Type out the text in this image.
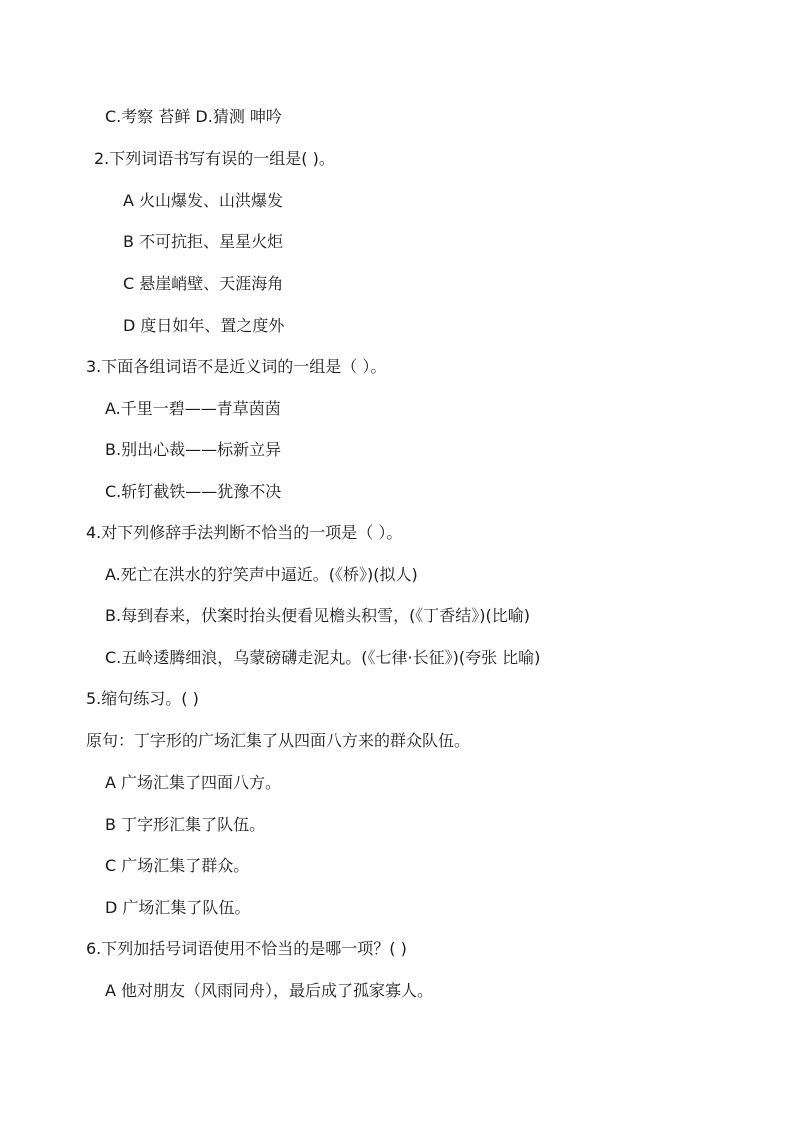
C.考察 苔鲜 D.猜测 呻吟
2.下列词语书写有误的一组是( )。
A 火山爆发、山洪爆发
B 不可抗拒、星星火炬
C 悬崖峭壁、天涯海角
D 度日如年、置之度外
3.下面各组词语不是近义词的一组是（ ）。
A.千里一碧——青草茵茵
B.别出心裁——标新立异
C.斩钉截铁——犹豫不决
4.对下列修辞手法判断不恰当的一项是（ ）。
A.死亡在洪水的狞笑声中逼近。(《桥》)(拟人)
B.每到春来，伏案时抬头便看见檐头积雪，(《丁香结》)(比喻)
C.五岭逶腾细浪，乌蒙磅礴走泥丸。(《七律·长征》)(夸张 比喻)
5.缩句练习。( )
原句：丁字形的广场汇集了从四面八方来的群众队伍。
A 广场汇集了四面八方。
B 丁字形汇集了队伍。
C 广场汇集了群众。
D 广场汇集了队伍。
6.下列加括号词语使用不恰当的是哪一项？( )
A 他对朋友（风雨同舟），最后成了孤家寡人。
